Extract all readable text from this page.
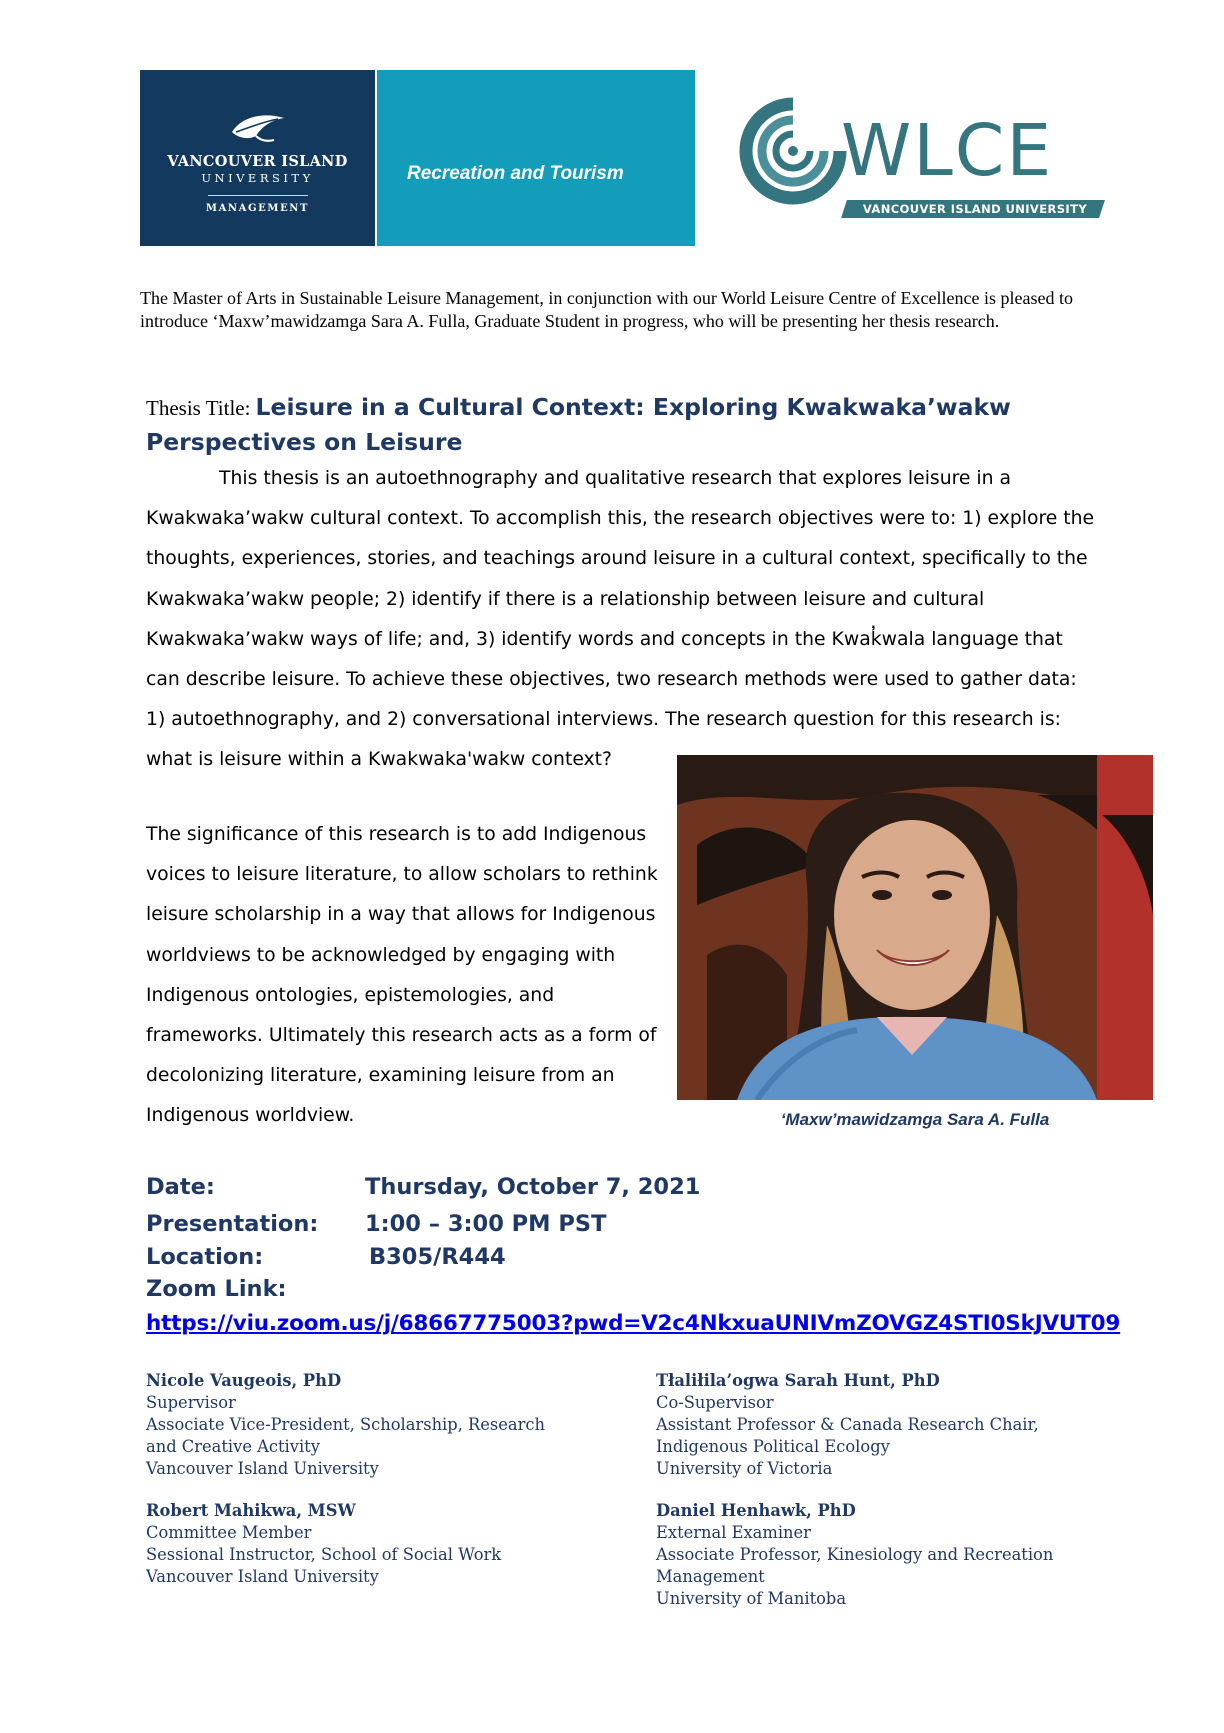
VANCOUVER ISLAND
UNIVERSITY
MANAGEMENT
Recreation and Tourism	WLCE
VANCOUVER ISLAND UNIVERSITY
The Master of Arts in Sustainable Leisure Management, in conjunction with our World Leisure Centre of Excellence is pleased to introduce ‘Maxw’mawidzamga Sara A. Fulla, Graduate Student in progress, who will be presenting her thesis research.
Thesis Title: Leisure in a Cultural Context: Exploring Kwakwaka’wakw
Perspectives on Leisure

This thesis is an autoethnography and qualitative research that explores leisure in a Kwakwaka’wakw cultural context. To accomplish this, the research objectives were to: 1) explore the thoughts, experiences, stories, and teachings around leisure in a cultural context, specifically to the Kwakwaka’wakw people; 2) identify if there is a relationship between leisure and cultural Kwakwaka’wakw ways of life; and, 3) identify words and concepts in the Kwak̓wala language that can describe leisure. To achieve these objectives, two research methods were used to gather data: 1) autoethnography, and 2) conversational interviews. The research question for this research is: what is leisure within a Kwakwaka'wakw context?

The significance of this research is to add Indigenous voices to leisure literature, to allow scholars to rethink leisure scholarship in a way that allows for Indigenous worldviews to be acknowledged by engaging with Indigenous ontologies, epistemologies, and frameworks. Ultimately this research acts as a form of decolonizing literature, examining leisure from an Indigenous worldview.	‘Maxw’mawidzamga Sara A. Fulla
Date:	Thursday, October 7, 2021
Presentation: 1:00 – 3:00 PM PST
Location:	B305/R444
Zoom Link:
https://viu.zoom.us/j/68667775003?pwd=V2c4NkxuaUNIVmZOVGZ4STI0SkJVUT09
Nicole Vaugeois, PhD
Supervisor
Associate Vice-President, Scholarship, Research
and Creative Activity
Vancouver Island University
Tłaliłila’ogwa Sarah Hunt, PhD
Co-Supervisor
Assistant Professor & Canada Research Chair,
Indigenous Political Ecology
University of Victoria
Robert Mahikwa, MSW
Committee Member
Sessional Instructor, School of Social Work
Vancouver Island University
Daniel Henhawk, PhD
External Examiner
Associate Professor, Kinesiology and Recreation
Management
University of Manitoba
